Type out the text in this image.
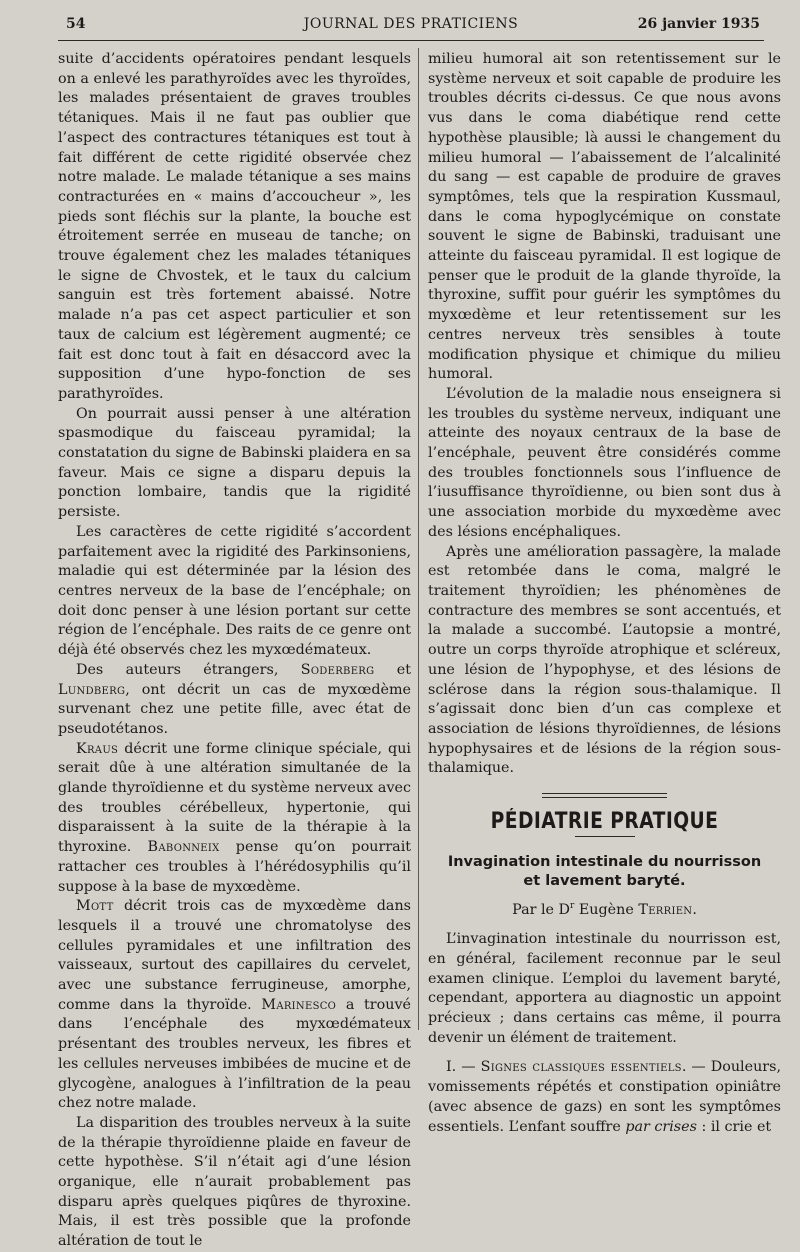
54	JOURNAL DES PRATICIENS	26 janvier 1935

suite d’accidents opératoires pendant lesquels on a enlevé les parathyroïdes avec les thyroïdes, les malades présentaient de graves troubles tétaniques. Mais il ne faut pas oublier que l’aspect des contractures tétaniques est tout à fait différent de cette rigidité observée chez notre malade. Le malade tétanique a ses mains contracturées en « mains d’accoucheur », les pieds sont fléchis sur la plante, la bouche est étroitement serrée en museau de tanche; on trouve également chez les malades tétaniques le signe de Chvostek, et le taux du calcium sanguin est très fortement abaissé. Notre malade n’a pas cet aspect particulier et son taux de calcium est légèrement augmenté; ce fait est donc tout à fait en désaccord avec la supposition d’une hypo-fonction de ses parathyroïdes.

On pourrait aussi penser à une altération spasmodique du faisceau pyramidal; la constatation du signe de Babinski plaidera en sa faveur. Mais ce signe a disparu depuis la ponction lombaire, tandis que la rigidité persiste.

Les caractères de cette rigidité s’accordent parfaitement avec la rigidité des Parkinsoniens, maladie qui est déterminée par la lésion des centres nerveux de la base de l’encéphale; on doit donc penser à une lésion portant sur cette région de l’encéphale. Des raits de ce genre ont déjà été observés chez les myxœdémateux.

Des auteurs étrangers, Soderberg et Lundberg, ont décrit un cas de myxœdème survenant chez une petite fille, avec état de pseudotétanos.

Kraus décrit une forme clinique spéciale, qui serait dûe à une altération simultanée de la glande thyroïdienne et du système nerveux avec des troubles cérébelleux, hypertonie, qui disparaissent à la suite de la thérapie à la thyroxine. Babonneix pense qu’on pourrait rattacher ces troubles à l’hérédosyphilis qu’il suppose à la base de myxœdème.

Mott décrit trois cas de myxœdème dans lesquels il a trouvé une chromatolyse des cellules pyramidales et une infiltration des vaisseaux, surtout des capillaires du cervelet, avec une substance ferrugineuse, amorphe, comme dans la thyroïde. Marinesco a trouvé dans l’encéphale des myxœdémateux présentant des troubles nerveux, les fibres et les cellules nerveuses imbibées de mucine et de glycogène, analogues à l’infiltration de la peau chez notre malade.

La disparition des troubles nerveux à la suite de la thérapie thyroïdienne plaide en faveur de cette hypothèse. S’il n’était agi d’une lésion organique, elle n’aurait probablement pas disparu après quelques piqûres de thyroxine. Mais, il est très possible que la profonde altération de tout le

milieu humoral ait son retentissement sur le système nerveux et soit capable de produire les troubles décrits ci-dessus. Ce que nous avons vus dans le coma diabétique rend cette hypothèse plausible; là aussi le changement du milieu humoral — l’abaissement de l’alcalinité du sang — est capable de produire de graves symptômes, tels que la respiration Kussmaul, dans le coma hypoglycémique on constate souvent le signe de Babinski, traduisant une atteinte du faisceau pyramidal. Il est logique de penser que le produit de la glande thyroïde, la thyroxine, suffit pour guérir les symptômes du myxœdème et leur retentissement sur les centres nerveux très sensibles à toute modification physique et chimique du milieu humoral.

L’évolution de la maladie nous enseignera si les troubles du système nerveux, indiquant une atteinte des noyaux centraux de la base de l’encéphale, peuvent être considérés comme des troubles fonctionnels sous l’influence de l’iusuffisance thyroïdienne, ou bien sont dus à une association morbide du myxœdème avec des lésions encéphaliques.

Après une amélioration passagère, la malade est retombée dans le coma, malgré le traitement thyroïdien; les phénomènes de contracture des membres se sont accentués, et la malade a succombé. L’autopsie a montré, outre un corps thyroïde atrophique et scléreux, une lésion de l’hypophyse, et des lésions de sclérose dans la région sous-thalamique. Il s’agissait donc bien d’un cas complexe et association de lésions thyroïdiennes, de lésions hypophysaires et de lésions de la région sous-thalamique.

PÉDIATRIE PRATIQUE
Invagination intestinale du nourrisson
et lavement baryté.
Par le $D^r$ Eugène Terrien.

L’invagination intestinale du nourrisson est, en général, facilement reconnue par le seul examen clinique. L’emploi du lavement baryté, cependant, apportera au diagnostic un appoint précieux ; dans certains cas même, il pourra devenir un élément de traitement.

I. — Signes classiques essentiels. — Douleurs, vomissements répétés et constipation opiniâtre (avec absence de gazs) en sont les symptômes essentiels. L’enfant souffre par crises : il crie et
